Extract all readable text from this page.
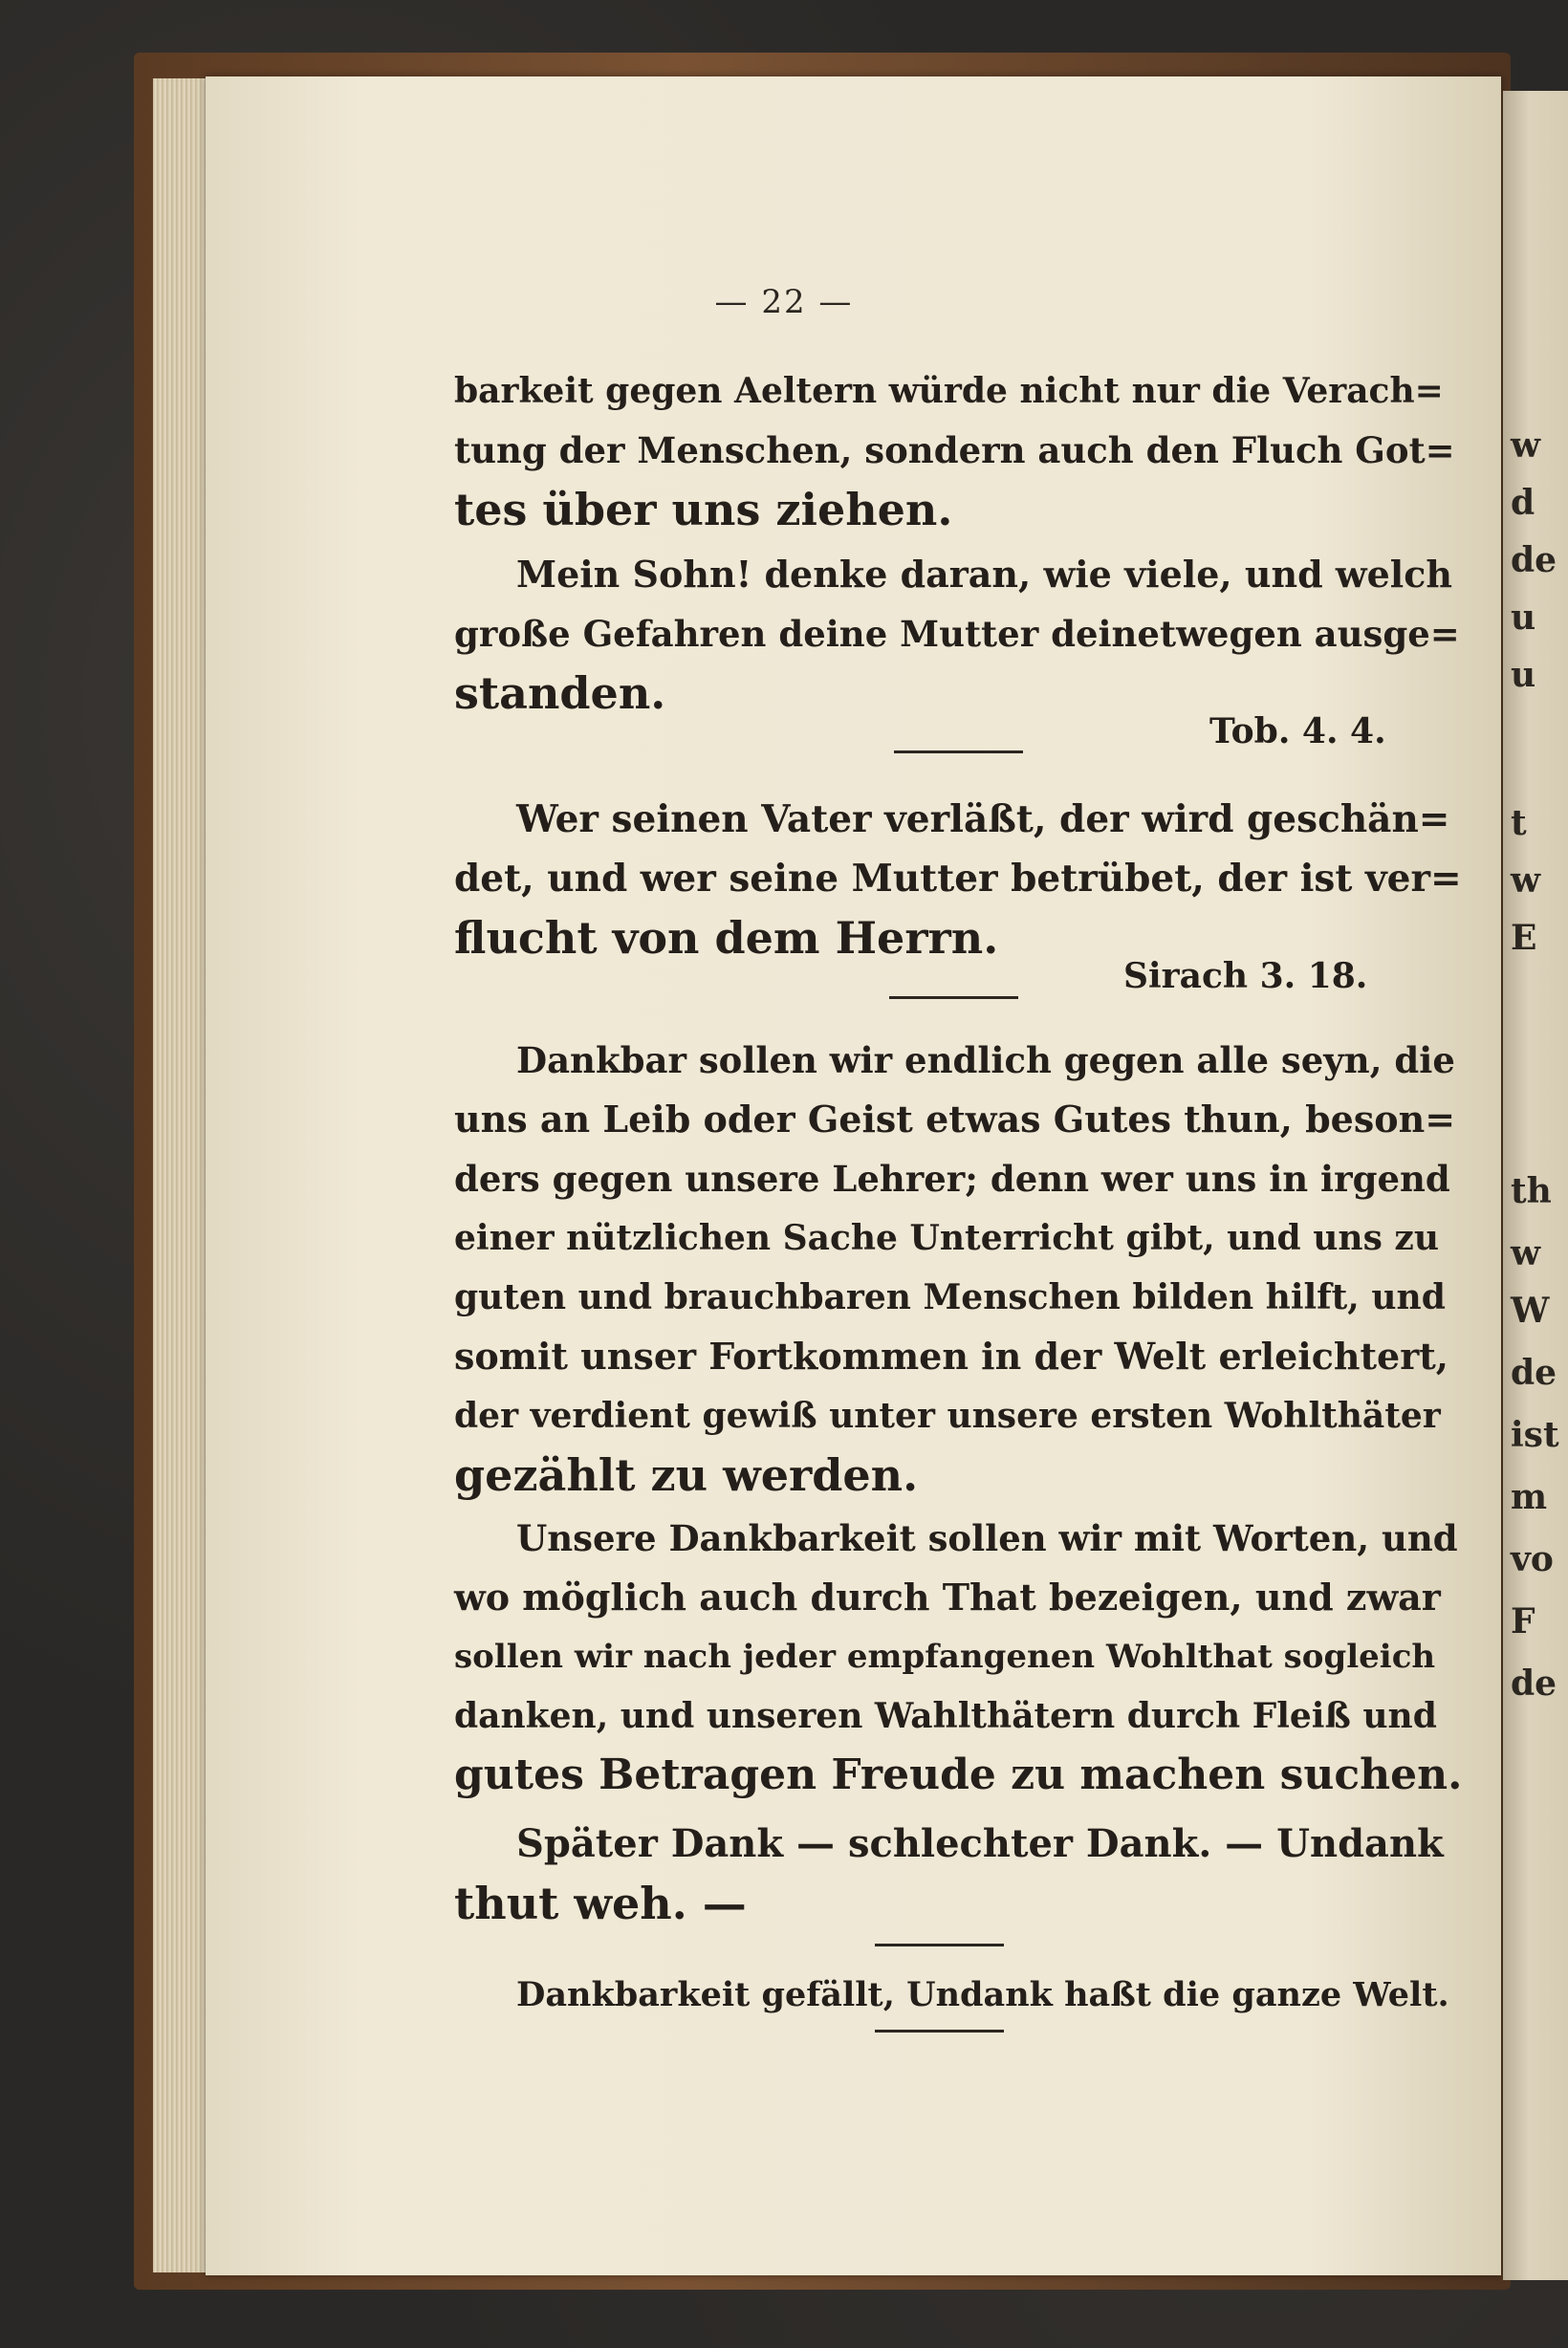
w
d
de
u
u
t
w
E
th
w
W
de
ist
m
vo
F
de
— 22 —
barkeit gegen Aeltern würde nicht nur die Verach=
tung der Menschen, sondern auch den Fluch Got=
tes über uns ziehen.
Mein Sohn! denke daran, wie viele, und welch
große Gefahren deine Mutter deinetwegen ausge=
standen.
Tob. 4. 4.
Wer seinen Vater verläßt, der wird geschän=
det, und wer seine Mutter betrübet, der ist ver=
flucht von dem Herrn.
Sirach 3. 18.
Dankbar sollen wir endlich gegen alle seyn, die
uns an Leib oder Geist etwas Gutes thun, beson=
ders gegen unsere Lehrer; denn wer uns in irgend
einer nützlichen Sache Unterricht gibt, und uns zu
guten und brauchbaren Menschen bilden hilft, und
somit unser Fortkommen in der Welt erleichtert,
der verdient gewiß unter unsere ersten Wohlthäter
gezählt zu werden.
Unsere Dankbarkeit sollen wir mit Worten, und
wo möglich auch durch That bezeigen, und zwar
sollen wir nach jeder empfangenen Wohlthat sogleich
danken, und unseren Wahlthätern durch Fleiß und
gutes Betragen Freude zu machen suchen.
Später Dank — schlechter Dank. — Undank
thut weh. —
Dankbarkeit gefällt, Undank haßt die ganze Welt.
